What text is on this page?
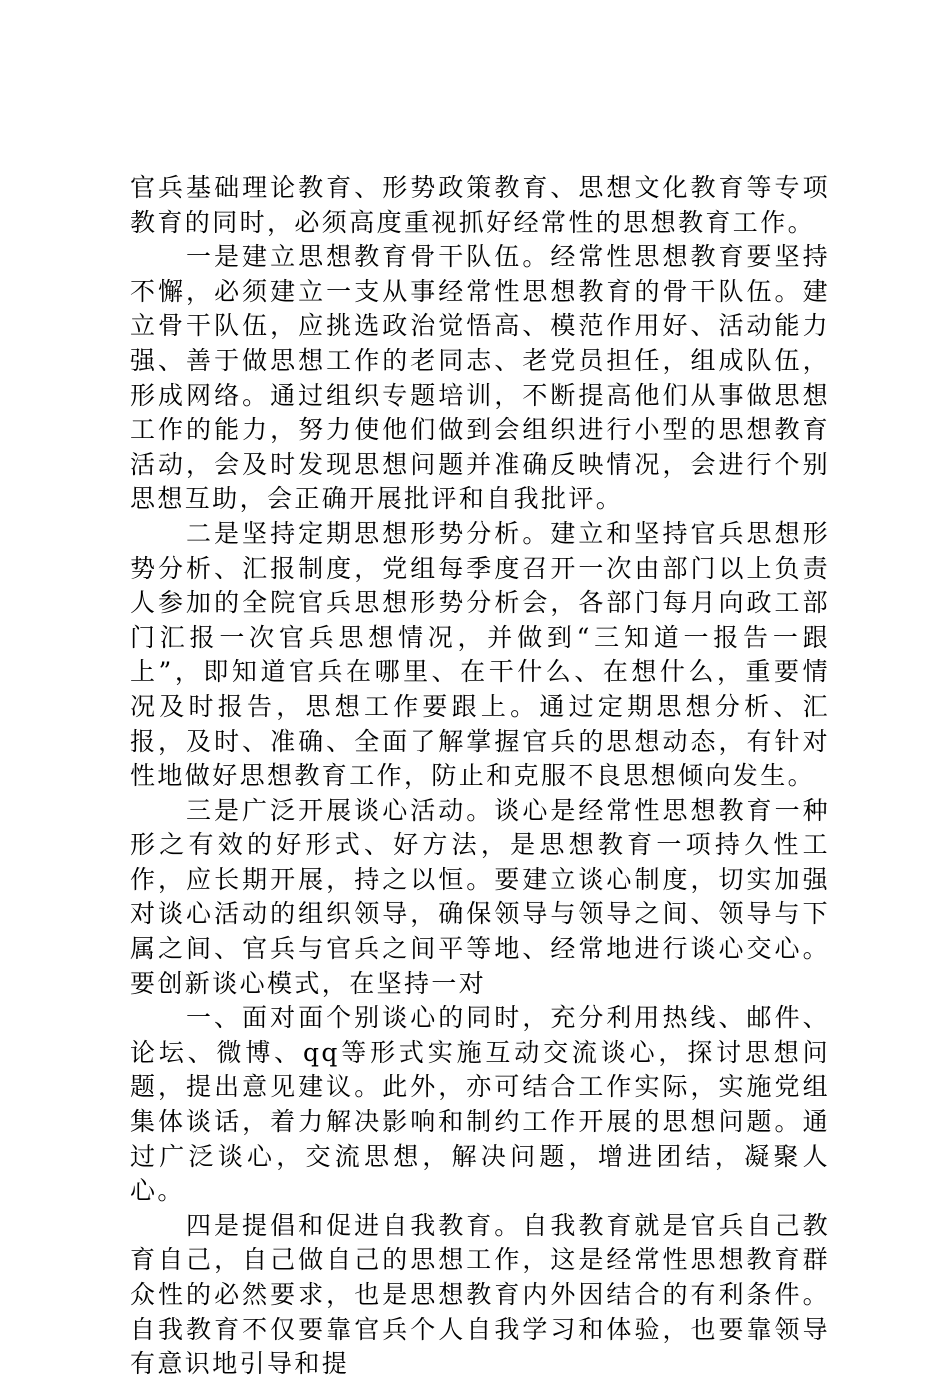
官兵基础理论教育、形势政策教育、思想文化教育等专项教育的同时，必须高度重视抓好经常性的思想教育工作。

一是建立思想教育骨干队伍。经常性思想教育要坚持不懈，必须建立一支从事经常性思想教育的骨干队伍。建立骨干队伍，应挑选政治觉悟高、模范作用好、活动能力强、善于做思想工作的老同志、老党员担任，组成队伍，形成网络。通过组织专题培训，不断提高他们从事做思想工作的能力，努力使他们做到会组织进行小型的思想教育活动，会及时发现思想问题并准确反映情况，会进行个别思想互助，会正确开展批评和自我批评。

二是坚持定期思想形势分析。建立和坚持官兵思想形势分析、汇报制度，党组每季度召开一次由部门以上负责人参加的全院官兵思想形势分析会，各部门每月向政工部门汇报一次官兵思想情况，并做到“三知道一报告一跟上”，即知道官兵在哪里、在干什么、在想什么，重要情况及时报告，思想工作要跟上。通过定期思想分析、汇报，及时、准确、全面了解掌握官兵的思想动态，有针对性地做好思想教育工作，防止和克服不良思想倾向发生。

三是广泛开展谈心活动。谈心是经常性思想教育一种形之有效的好形式、好方法，是思想教育一项持久性工作，应长期开展，持之以恒。要建立谈心制度，切实加强对谈心活动的组织领导，确保领导与领导之间、领导与下属之间、官兵与官兵之间平等地、经常地进行谈心交心。要创新谈心模式，在坚持一对

一、面对面个别谈心的同时，充分利用热线、邮件、论坛、微博、qq等形式实施互动交流谈心，探讨思想问题，提出意见建议。此外，亦可结合工作实际，实施党组集体谈话，着力解决影响和制约工作开展的思想问题。通过广泛谈心，交流思想，解决问题，增进团结，凝聚人心。

四是提倡和促进自我教育。自我教育就是官兵自己教育自己，自己做自己的思想工作，这是经常性思想教育群众性的必然要求，也是思想教育内外因结合的有利条件。自我教育不仅要靠官兵个人自我学习和体验，也要靠领导有意识地引导和提
